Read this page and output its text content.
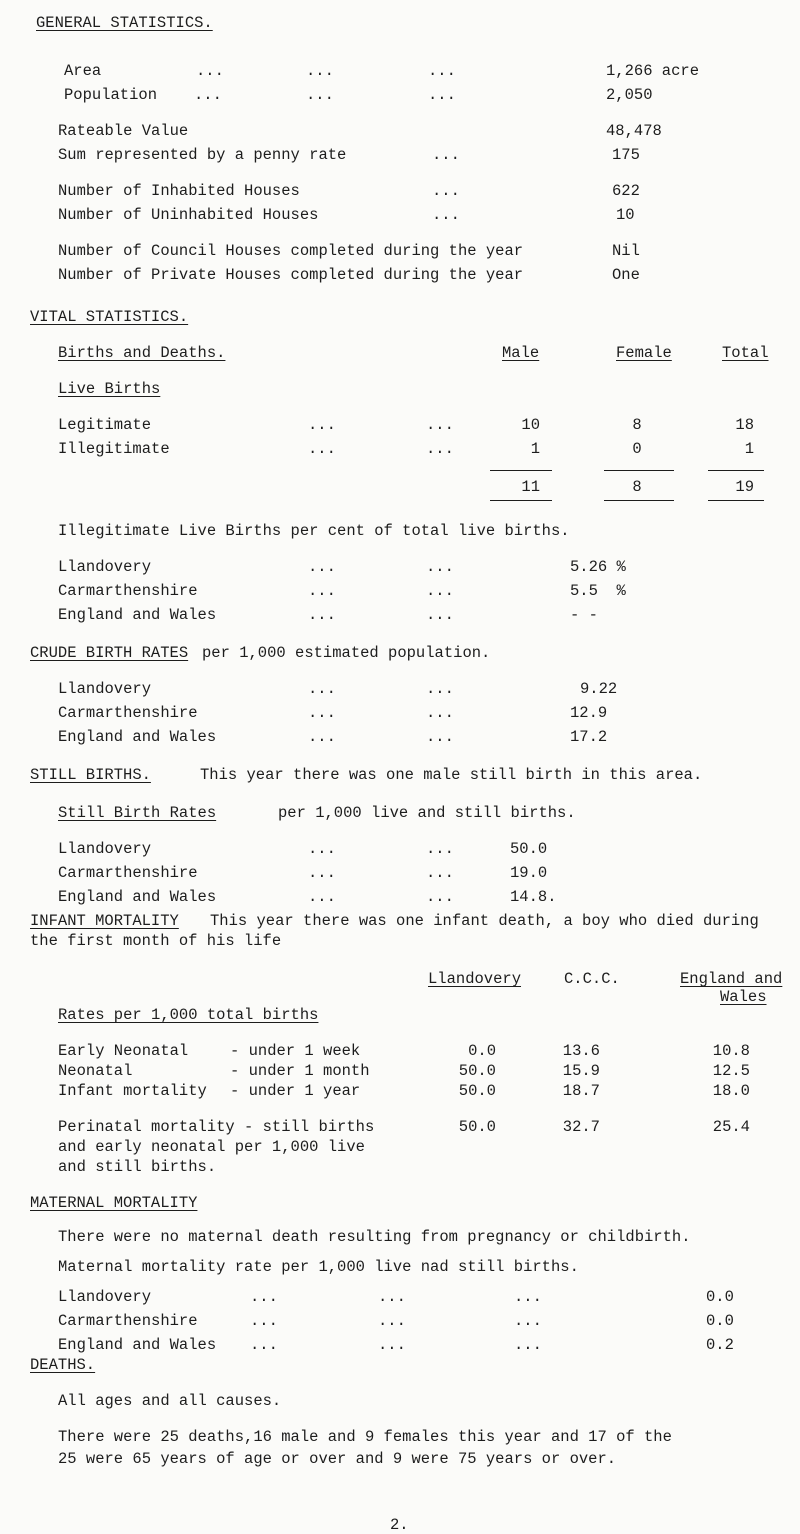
GENERAL STATISTICS.
Area	...	...	...	1,266 acre
Population ...	...	...	2,050
Rateable Value	48,478
Sum represented by a penny rate	...	175
Number of Inhabited Houses	...	622
Number of Uninhabited Houses	...	10
Number of Council Houses completed during the year	Nil
Number of Private Houses completed during the year	One
VITAL STATISTICS.
Births and Deaths.	Male	Female	Total
Live Births
Legitimate	...	...	10	8	18
Illegitimate	...	...	1	0	1
11	8	19
Illegitimate Live Births per cent of total live births.
Llandovery	...	...	5.26 %
Carmarthenshire	...	...	5.5  %
England and Wales	...	...	- -
CRUDE BIRTH RATES per 1,000 estimated population.
Llandovery	...	...	9.22
Carmarthenshire	...	...	12.9
England and Wales	...	...	17.2
STILL BIRTHS.	This year there was one male still birth in this area.
Still Birth Rates	per 1,000 live and still births.
Llandovery	...	...	50.0
Carmarthenshire	...	...	19.0
England and Wales	...	...	14.8.
INFANT MORTALITY This year there was one infant death, a boy who died during
the first month of his life
Llandovery	C.C.C.	England and
Wales
Rates per 1,000 total births
Early Neonatal	- under 1 week	0.0	13.6	10.8
Neonatal	- under 1 month	50.0	15.9	12.5
Infant mortality - under 1 year	50.0	18.7	18.0
Perinatal mortality - still births
and early neonatal per 1,000 live
and still births.
50.0	32.7	25.4
MATERNAL MORTALITY
There were no maternal death resulting from pregnancy or childbirth.
Maternal mortality rate per 1,000 live nad still births.
Llandovery	...	...	...	0.0
Carmarthenshire	...	...	...	0.0
England and Wales ...	...	...	0.2
DEATHS.
All ages and all causes.
There were 25 deaths,16 male and 9 females this year and 17 of the
25 were 65 years of age or over and 9 were 75 years or over.
2.
